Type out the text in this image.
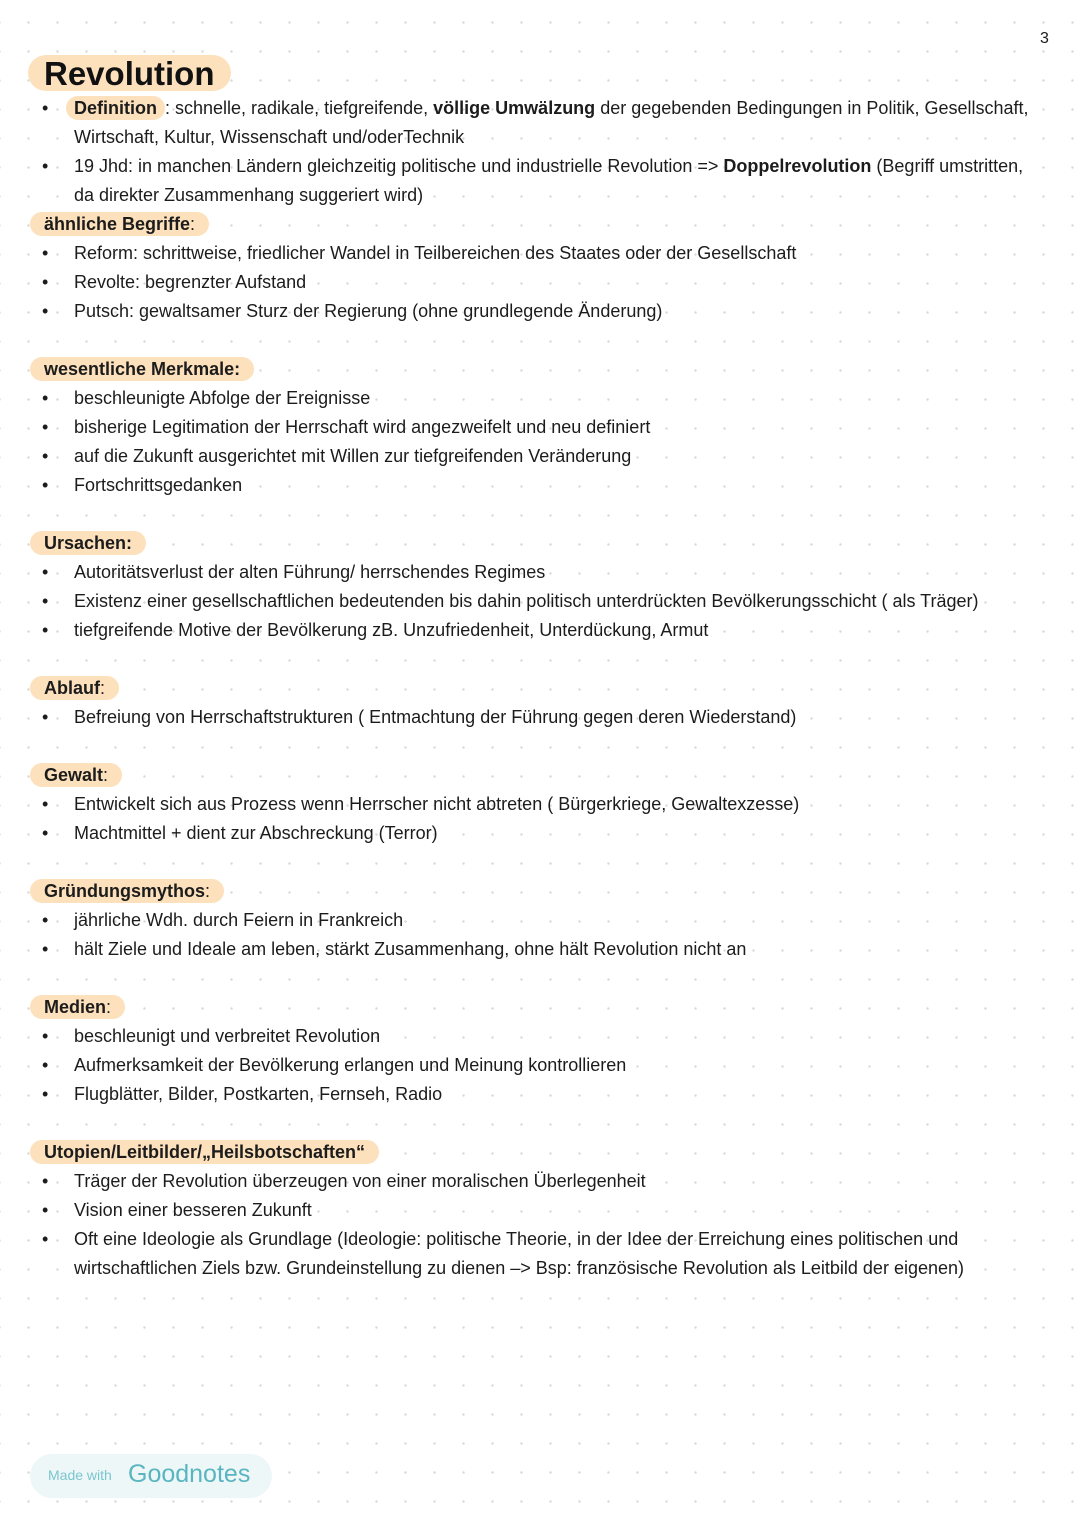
3
Revolution
• Definition : schnelle, radikale, tiefgreifende, völlige Umwälzung der gegebenden Bedingungen in Politik, Gesellschaft,
Wirtschaft, Kultur, Wissenschaft und/oderTechnik
• 19 Jhd: in manchen Ländern gleichzeitig politische und industrielle Revolution => Doppelrevolution (Begriff umstritten,
da direkter Zusammenhang suggeriert wird)
ähnliche Begriffe:
• Reform: schrittweise, friedlicher Wandel in Teilbereichen des Staates oder der Gesellschaft
• Revolte: begrenzter Aufstand
• Putsch: gewaltsamer Sturz der Regierung (ohne grundlegende Änderung)
wesentliche Merkmale:
• beschleunigte Abfolge der Ereignisse
• bisherige Legitimation der Herrschaft wird angezweifelt und neu definiert
• auf die Zukunft ausgerichtet mit Willen zur tiefgreifenden Veränderung
• Fortschrittsgedanken
Ursachen:
• Autoritätsverlust der alten Führung/ herrschendes Regimes
• Existenz einer gesellschaftlichen bedeutenden bis dahin politisch unterdrückten Bevölkerungsschicht ( als Träger)
• tiefgreifende Motive der Bevölkerung zB. Unzufriedenheit, Unterdückung, Armut
Ablauf:
• Befreiung von Herrschaftstrukturen ( Entmachtung der Führung gegen deren Wiederstand)
Gewalt:
• Entwickelt sich aus Prozess wenn Herrscher nicht abtreten ( Bürgerkriege, Gewaltexzesse)
• Machtmittel + dient zur Abschreckung (Terror)
Gründungsmythos:
• jährliche Wdh. durch Feiern in Frankreich
• hält Ziele und Ideale am leben, stärkt Zusammenhang, ohne hält Revolution nicht an
Medien:
• beschleunigt und verbreitet Revolution
• Aufmerksamkeit der Bevölkerung erlangen und Meinung kontrollieren
• Flugblätter, Bilder, Postkarten, Fernseh, Radio
Utopien/Leitbilder/„Heilsbotschaften“
• Träger der Revolution überzeugen von einer moralischen Überlegenheit
• Vision einer besseren Zukunft
• Oft eine Ideologie als Grundlage (Ideologie: politische Theorie, in der Idee der Erreichung eines politischen und
wirtschaftlichen Ziels bzw. Grundeinstellung zu dienen –> Bsp: französische Revolution als Leitbild der eigenen)
Made with Goodnotes
